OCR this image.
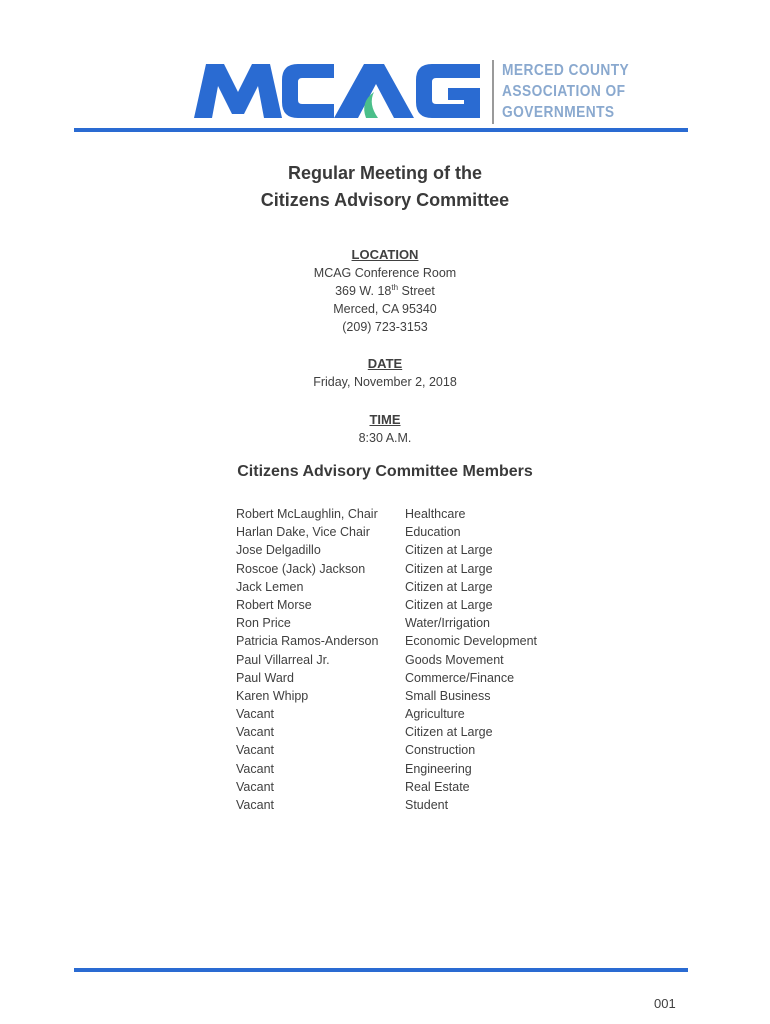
MERCED COUNTY
ASSOCIATION OF
GOVERNMENTS
Regular Meeting of the
Citizens Advisory Committee
LOCATION
MCAG Conference Room
369 W. 18th Street
Merced, CA 95340
(209) 723-3153
DATE
Friday, November 2, 2018
TIME
8:30 A.M.
Citizens Advisory Committee Members
Robert McLaughlin, Chair Healthcare
Harlan Dake, Vice Chair	Education
Jose Delgadillo	Citizen at Large
Roscoe (Jack) Jackson	Citizen at Large
Jack Lemen	Citizen at Large
Robert Morse	Citizen at Large
Ron Price	Water/Irrigation
Patricia Ramos-Anderson Economic Development
Paul Villarreal Jr.	Goods Movement
Paul Ward	Commerce/Finance
Karen Whipp	Small Business
Vacant	Agriculture
Vacant	Citizen at Large
Vacant	Construction
Vacant	Engineering
Vacant	Real Estate
Vacant	Student
001
